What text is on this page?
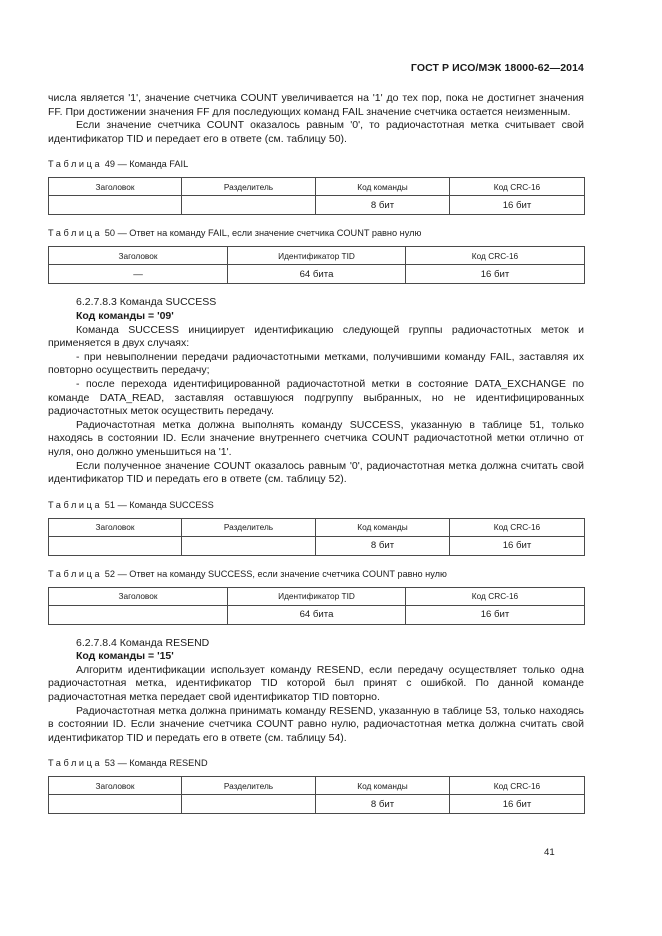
ГОСТ Р ИСО/МЭК 18000-62—2014

числа является '1', значение счетчика COUNT увеличивается на '1' до тех пор, пока не достигнет значения FF. При достижении значения FF для последующих команд FAIL значение счетчика остается неизменным.

Если значение счетчика COUNT оказалось равным '0', то радиочастотная метка считывает свой идентификатор TID и передает его в ответе (см. таблицу 50).

Таблица 49 — Команда FAIL
Заголовок	Разделитель	Код команды	Код CRC-16
		8 бит	16 бит
Таблица 50 — Ответ на команду FAIL, если значение счетчика COUNT равно нулю
Заголовок	Идентификатор TID	Код CRC-16
—	64 бита	16 бит

6.2.7.8.3 Команда SUCCESS

Код команды = '09'

Команда SUCCESS инициирует идентификацию следующей группы радиочастотных меток и применяется в двух случаях:

- при невыполнении передачи радиочастотными метками, получившими команду FAIL, заставляя их повторно осуществить передачу;

- после перехода идентифицированной радиочастотной метки в состояние DATA_EXCHANGE по команде DATA_READ, заставляя оставшуюся подгруппу выбранных, но не идентифицированных радиочастотных меток осуществить передачу.

Радиочастотная метка должна выполнять команду SUCCESS, указанную в таблице 51, только находясь в состоянии ID. Если значение внутреннего счетчика COUNT радиочастотной метки отлично от нуля, оно должно уменьшиться на '1'.

Если полученное значение COUNT оказалось равным '0', радиочастотная метка должна считать свой идентификатор TID и передать его в ответе (см. таблицу 52).

Таблица 51 — Команда SUCCESS
Заголовок	Разделитель	Код команды	Код CRC-16
		8 бит	16 бит
Таблица 52 — Ответ на команду SUCCESS, если значение счетчика COUNT равно нулю
Заголовок	Идентификатор TID	Код CRC-16
	64 бита	16 бит

6.2.7.8.4 Команда RESEND

Код команды = '15'

Алгоритм идентификации использует команду RESEND, если передачу осуществляет только одна радиочастотная метка, идентификатор TID которой был принят с ошибкой. По данной команде радиочастотная метка передает свой идентификатор TID повторно.

Радиочастотная метка должна принимать команду RESEND, указанную в таблице 53, только находясь в состоянии ID. Если значение счетчика COUNT равно нулю, радиочастотная метка должна считать свой идентификатор TID и передать его в ответе (см. таблицу 54).

Таблица 53 — Команда RESEND
Заголовок	Разделитель	Код команды	Код CRC-16
		8 бит	16 бит
41
